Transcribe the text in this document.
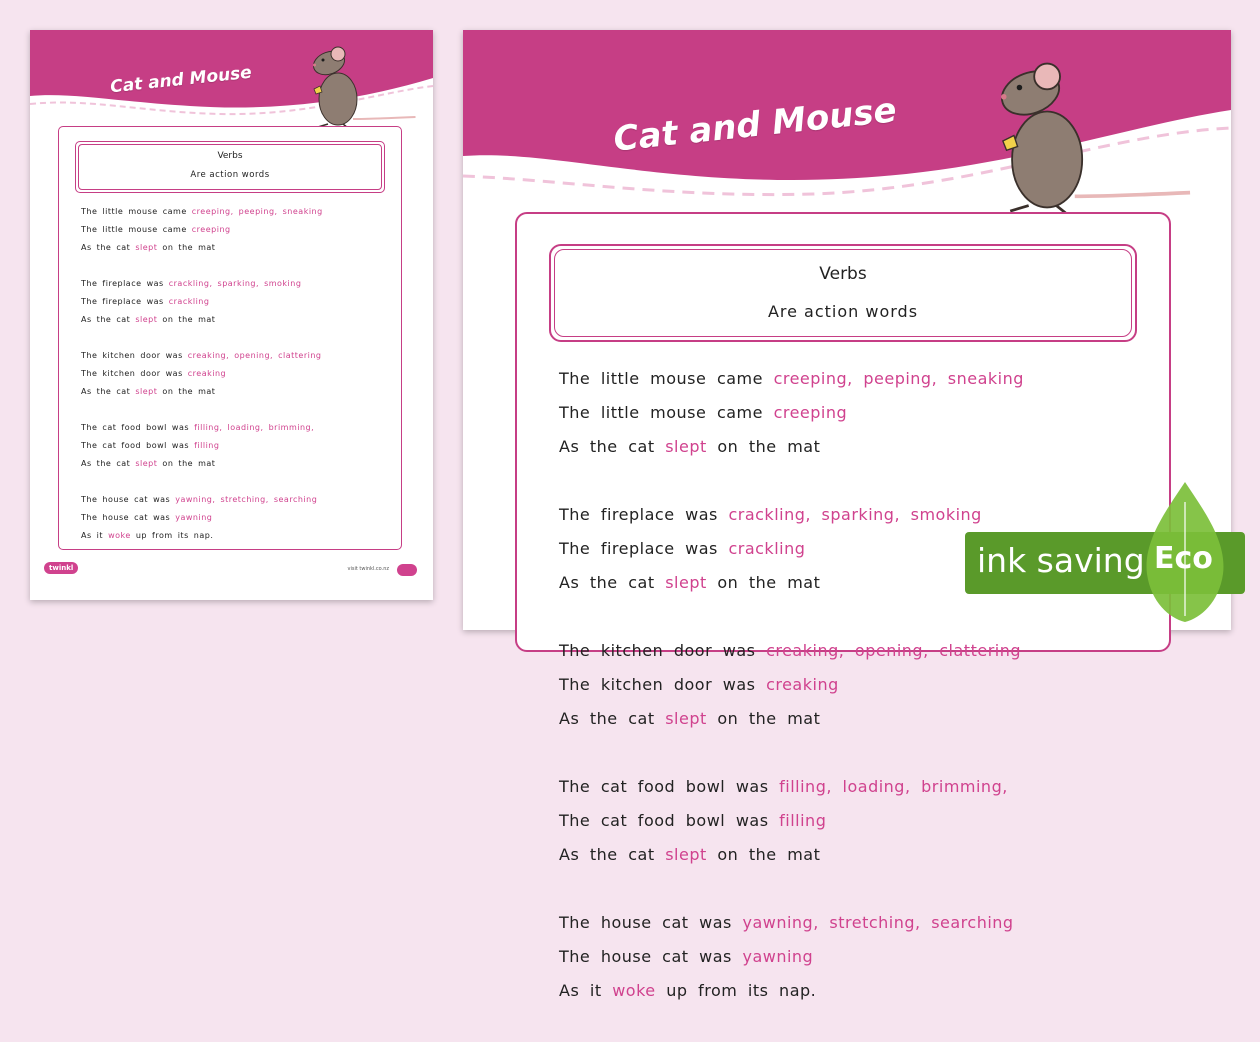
Cat and Mouse

Verbs

Are action words

The little mouse came creeping, peeping, sneaking

The little mouse came creeping

As the cat slept on the mat

The fireplace was crackling, sparking, smoking

The fireplace was crackling

As the cat slept on the mat

The kitchen door was creaking, opening, clattering

The kitchen door was creaking

As the cat slept on the mat

The cat food bowl was filling, loading, brimming,

The cat food bowl was filling

As the cat slept on the mat

The house cat was yawning, stretching, searching

The house cat was yawning

As it woke up from its nap.

twinkl	visit twinkl.co.nz
Cat and Mouse

Verbs

Are action words

The little mouse came creeping, peeping, sneaking

The little mouse came creeping

As the cat slept on the mat

The fireplace was crackling, sparking, smoking

The fireplace was crackling

As the cat slept on the mat

The kitchen door was creaking, opening, clattering

The kitchen door was creaking

As the cat slept on the mat

The cat food bowl was filling, loading, brimming,

The cat food bowl was filling

As the cat slept on the mat

The house cat was yawning, stretching, searching

The house cat was yawning

As it woke up from its nap.

ink saving Eco
